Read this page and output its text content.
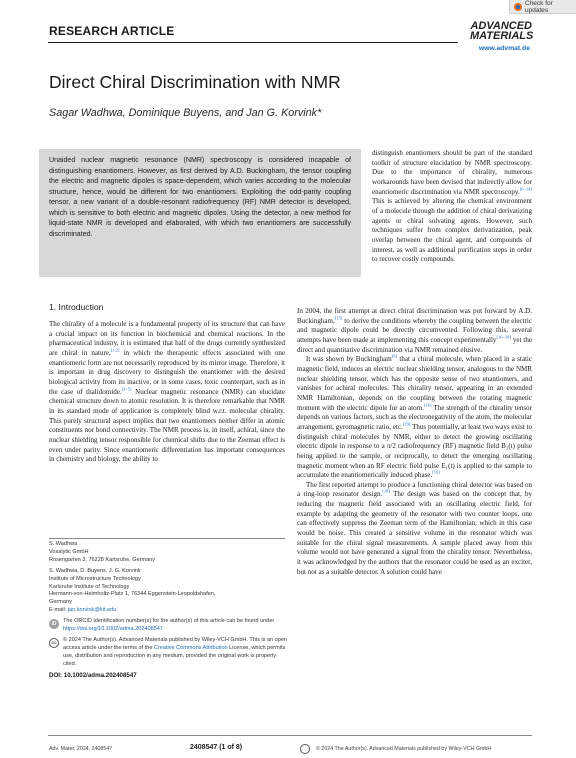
Check for updates
RESEARCH ARTICLE	ADVANCED
MATERIALS
www.advmat.de
Direct Chiral Discrimination with NMR
Sagar Wadhwa, Dominique Buyens, and Jan G. Korvink*
Unaided nuclear magnetic resonance (NMR) spectroscopy is considered incapable of distinguishing enantiomers. However, as first derived by A.D. Buckingham, the tensor coupling the electric and magnetic dipoles is space-dependent, which varies according to the molecular structure, hence, would be different for two enantiomers. Exploiting the odd-parity coupling tensor, a new variant of a double-resonant radiofrequency (RF) NMR detector is developed, which is sensitive to both electric and magnetic dipoles. Using the detector, a new method for liquid-state NMR is developed and elaborated, with which two enantiomers are successfully discriminated.

distinguish enantiomers should be part of the standard toolkit of structure elucidation by NMR spectroscopy. Due to the importance of chirality, numerous workarounds have been devised that indirectly allow for enantiomeric discrimination via NMR spectroscopy.[6–14] This is achieved by altering the chemical environment of a molecule through the addition of chiral derivatizing agents or chiral solvating agents. However, such techniques suffer from complex derivatization, peak overlap between the chiral agent, and compounds of interest, as well as additional purification steps in order to recover costly compounds.

1. Introduction

The chirality of a molecule is a fundamental property of its structure that can have a crucial impact on its function in biochemical and chemical reactions. In the pharmaceutical industry, it is estimated that half of the drugs currently synthesized are chiral in nature,[1,2] in which the therapeutic effects associated with one enantiomeric form are not necessarily reproduced by its mirror image. Therefore, it is important in drug discovery to distinguish the enantiomer with the desired biological activity from its inactive, or in some cases, toxic counterpart, such as in the case of thalidomide.[3–5] Nuclear magnetic resonance (NMR) can elucidate chemical structure down to atomic resolution. It is therefore remarkable that NMR in its standard mode of application is completely blind w.r.t. molecular chirality. This purely structural aspect implies that two enantiomers neither differ in atomic constituents nor bond connectivity. The NMR process is, in itself, achiral, since the nuclear shielding tensor responsible for chemical shifts due to the Zeeman effect is even under parity. Since enantiomeric differentiation has important consequences in chemistry and biology, the ability to

In 2004, the first attempt at direct chiral discrimination was put forward by A.D. Buckingham,[15] to derive the conditions whereby the coupling between the electric and magnetic dipole could be directly circumvented. Following this, several attempts have been made at implementing this concept experimentally[16–18] yet the direct and quantitative discrimination via NMR remained elusive.

It was shown by Buckingham[6] that a chiral molecule, when placed in a static magnetic field, induces an electric nuclear shielding tensor, analogous to the NMR nuclear shielding tensor, which has the opposite sense of two enantiomers, and vanishes for achiral molecules. This chirality tensor, appearing in an extended NMR Hamiltonian, depends on the coupling between the rotating magnetic moment with the electric dipole for an atom.[16] The strength of the chirality tensor depends on various factors, such as the electronegativity of the atom, the molecular arrangement, gyromagnetic ratio, etc.[19] Thus potentially, at least two ways exist to distinguish chiral molecules by NMR, either to detect the growing oscillating electric dipole in response to a π/2 radiofrequency (RF) magnetic field B₁(t) pulse being applied to the sample, or reciprocally, to detect the emerging oscillating magnetic moment when an RF electric field pulse E₁(t) is applied to the sample to accumulate the enantiomerically induced phase.[16]

The first reported attempt to produce a functioning chiral detector was based on a ring-loop resonator design.[18] The design was based on the concept that, by reducing the magnetic field associated with an oscillating electric field, for example by adapting the geometry of the resonator with two counter loops, one can effectively suppress the Zeeman term of the Hamiltonian, which in this case would be noise. This created a sensitive volume in the resonator which was suitable for the chiral signal measurements. A sample placed away from this volume would not have generated a signal from the chirality tensor. Nevertheless, it was acknowledged by the authors that the resonator could be used as an exciter, but not as a suitable detector. A solution could have

S. Wadhwa
Voxalytic GmbH
Rosengarten 3, 76228 Karlsruhe, Germany
S. Wadhwa, D. Buyens, J. G. Korvink
Institute of Microstructure Technology
Karlsruhe Institute of Technology
Hermann-von-Helmholtz-Platz 1, 76344 Eggenstein-Leopoldshafen,
Germany
E-mail: jan.korvink@kit.edu
iD	The ORCID identification number(s) for the author(s) of this article can be found under https://doi.org/10.1002/adma.202408547
cc	© 2024 The Author(s). Advanced Materials published by Wiley-VCH GmbH. This is an open access article under the terms of the Creative Commons Attribution License, which permits use, distribution and reproduction in any medium, provided the original work is properly cited.
DOI: 10.1002/adma.202408547
Adv. Mater. 2024, 2408547	2408547 (1 of 8)	© 2024 The Author(s). Advanced Materials published by Wiley-VCH GmbH
